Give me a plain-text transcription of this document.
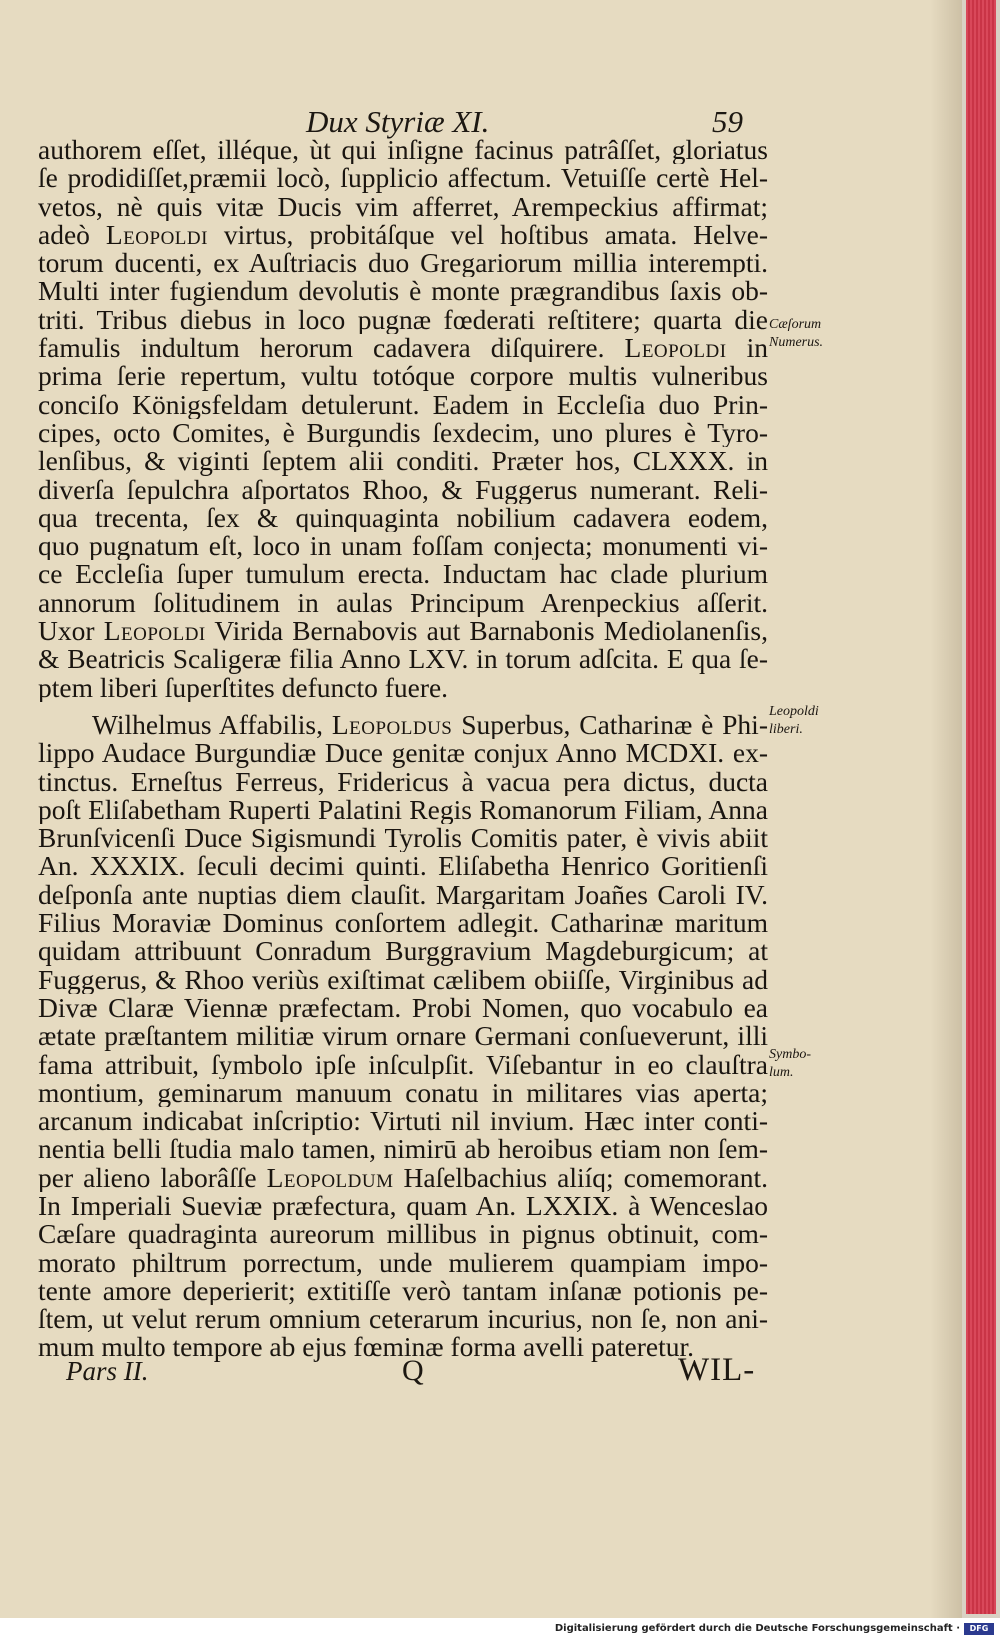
Dux Styriæ XI.	59
authorem eſſet, illéque, ùt qui inſigne facinus patrâſſet, gloriatus
ſe prodidiſſet,præmii locò, ſupplicio affectum. Vetuiſſe certè Hel-
vetos, nè quis vitæ Ducis vim afferret, Arempeckius affirmat;
adeò Leopoldi virtus, probitáſque vel hoſtibus amata. Helve-
torum ducenti, ex Auſtriacis duo Gregariorum millia interempti.
Multi inter fugiendum devolutis è monte prægrandibus ſaxis ob-
triti. Tribus diebus in loco pugnæ fœderati reſtitere; quarta die
famulis indultum herorum cadavera diſquirere. Leopoldi in
prima ſerie repertum, vultu totóque corpore multis vulneribus
conciſo Königsfeldam detulerunt. Eadem in Eccleſia duo Prin-
cipes, octo Comites, è Burgundis ſexdecim, uno plures è Tyro-
lenſibus, & viginti ſeptem alii conditi. Præter hos, CLXXX. in
diverſa ſepulchra aſportatos Rhoo, & Fuggerus numerant. Reli-
qua trecenta, ſex & quinquaginta nobilium cadavera eodem,
quo pugnatum eſt, loco in unam foſſam conjecta; monumenti vi-
ce Eccleſia ſuper tumulum erecta. Inductam hac clade plurium
annorum ſolitudinem in aulas Principum Arenpeckius aſſerit.
Uxor Leopoldi Virida Bernabovis aut Barnabonis Mediolanenſis,
& Beatricis Scaligeræ filia Anno LXV. in torum adſcita. E qua ſe-
ptem liberi ſuperſtites defuncto fuere.
Wilhelmus Affabilis, Leopoldus Superbus, Catharinæ è Phi-
lippo Audace Burgundiæ Duce genitæ conjux Anno MCDXI. ex-
tinctus. Erneſtus Ferreus, Fridericus à vacua pera dictus, ducta
poſt Eliſabetham Ruperti Palatini Regis Romanorum Filiam, Anna
Brunſvicenſi Duce Sigismundi Tyrolis Comitis pater, è vivis abiit
An. XXXIX. ſeculi decimi quinti. Eliſabetha Henrico Goritienſi
deſponſa ante nuptias diem clauſit. Margaritam Joañes Caroli IV.
Filius Moraviæ Dominus conſortem adlegit. Catharinæ maritum
quidam attribuunt Conradum Burggravium Magdeburgicum; at
Fuggerus, & Rhoo veriùs exiſtimat cælibem obiiſſe, Virginibus ad
Divæ Claræ Viennæ præfectam. Probi Nomen, quo vocabulo ea
ætate præſtantem militiæ virum ornare Germani conſueverunt, illi
fama attribuit, ſymbolo ipſe inſculpſit. Viſebantur in eo clauſtra
montium, geminarum manuum conatu in militares vias aperta;
arcanum indicabat inſcriptio: Virtuti nil invium. Hæc inter conti-
nentia belli ſtudia malo tamen, nimirū ab heroibus etiam non ſem-
per alieno laborâſſe Leopoldum Haſelbachius aliíq; comemorant.
In Imperiali Sueviæ præfectura, quam An. LXXIX. à Wenceslao
Cæſare quadraginta aureorum millibus in pignus obtinuit, com-
morato philtrum porrectum, unde mulierem quampiam impo-
tente amore deperierit; extitiſſe verò tantam inſanæ potionis pe-
ſtem, ut velut rerum omnium ceterarum incurius, non ſe, non ani-
mum multo tempore ab ejus fœminæ forma avelli pateretur.
Cæſorum
Numerus.
Leopoldi
liberi.
Symbo-
lum.
Pars II.	Q	WIL-
Digitalisierung gefördert durch die Deutsche Forschungsgemeinschaft ·	DFG
